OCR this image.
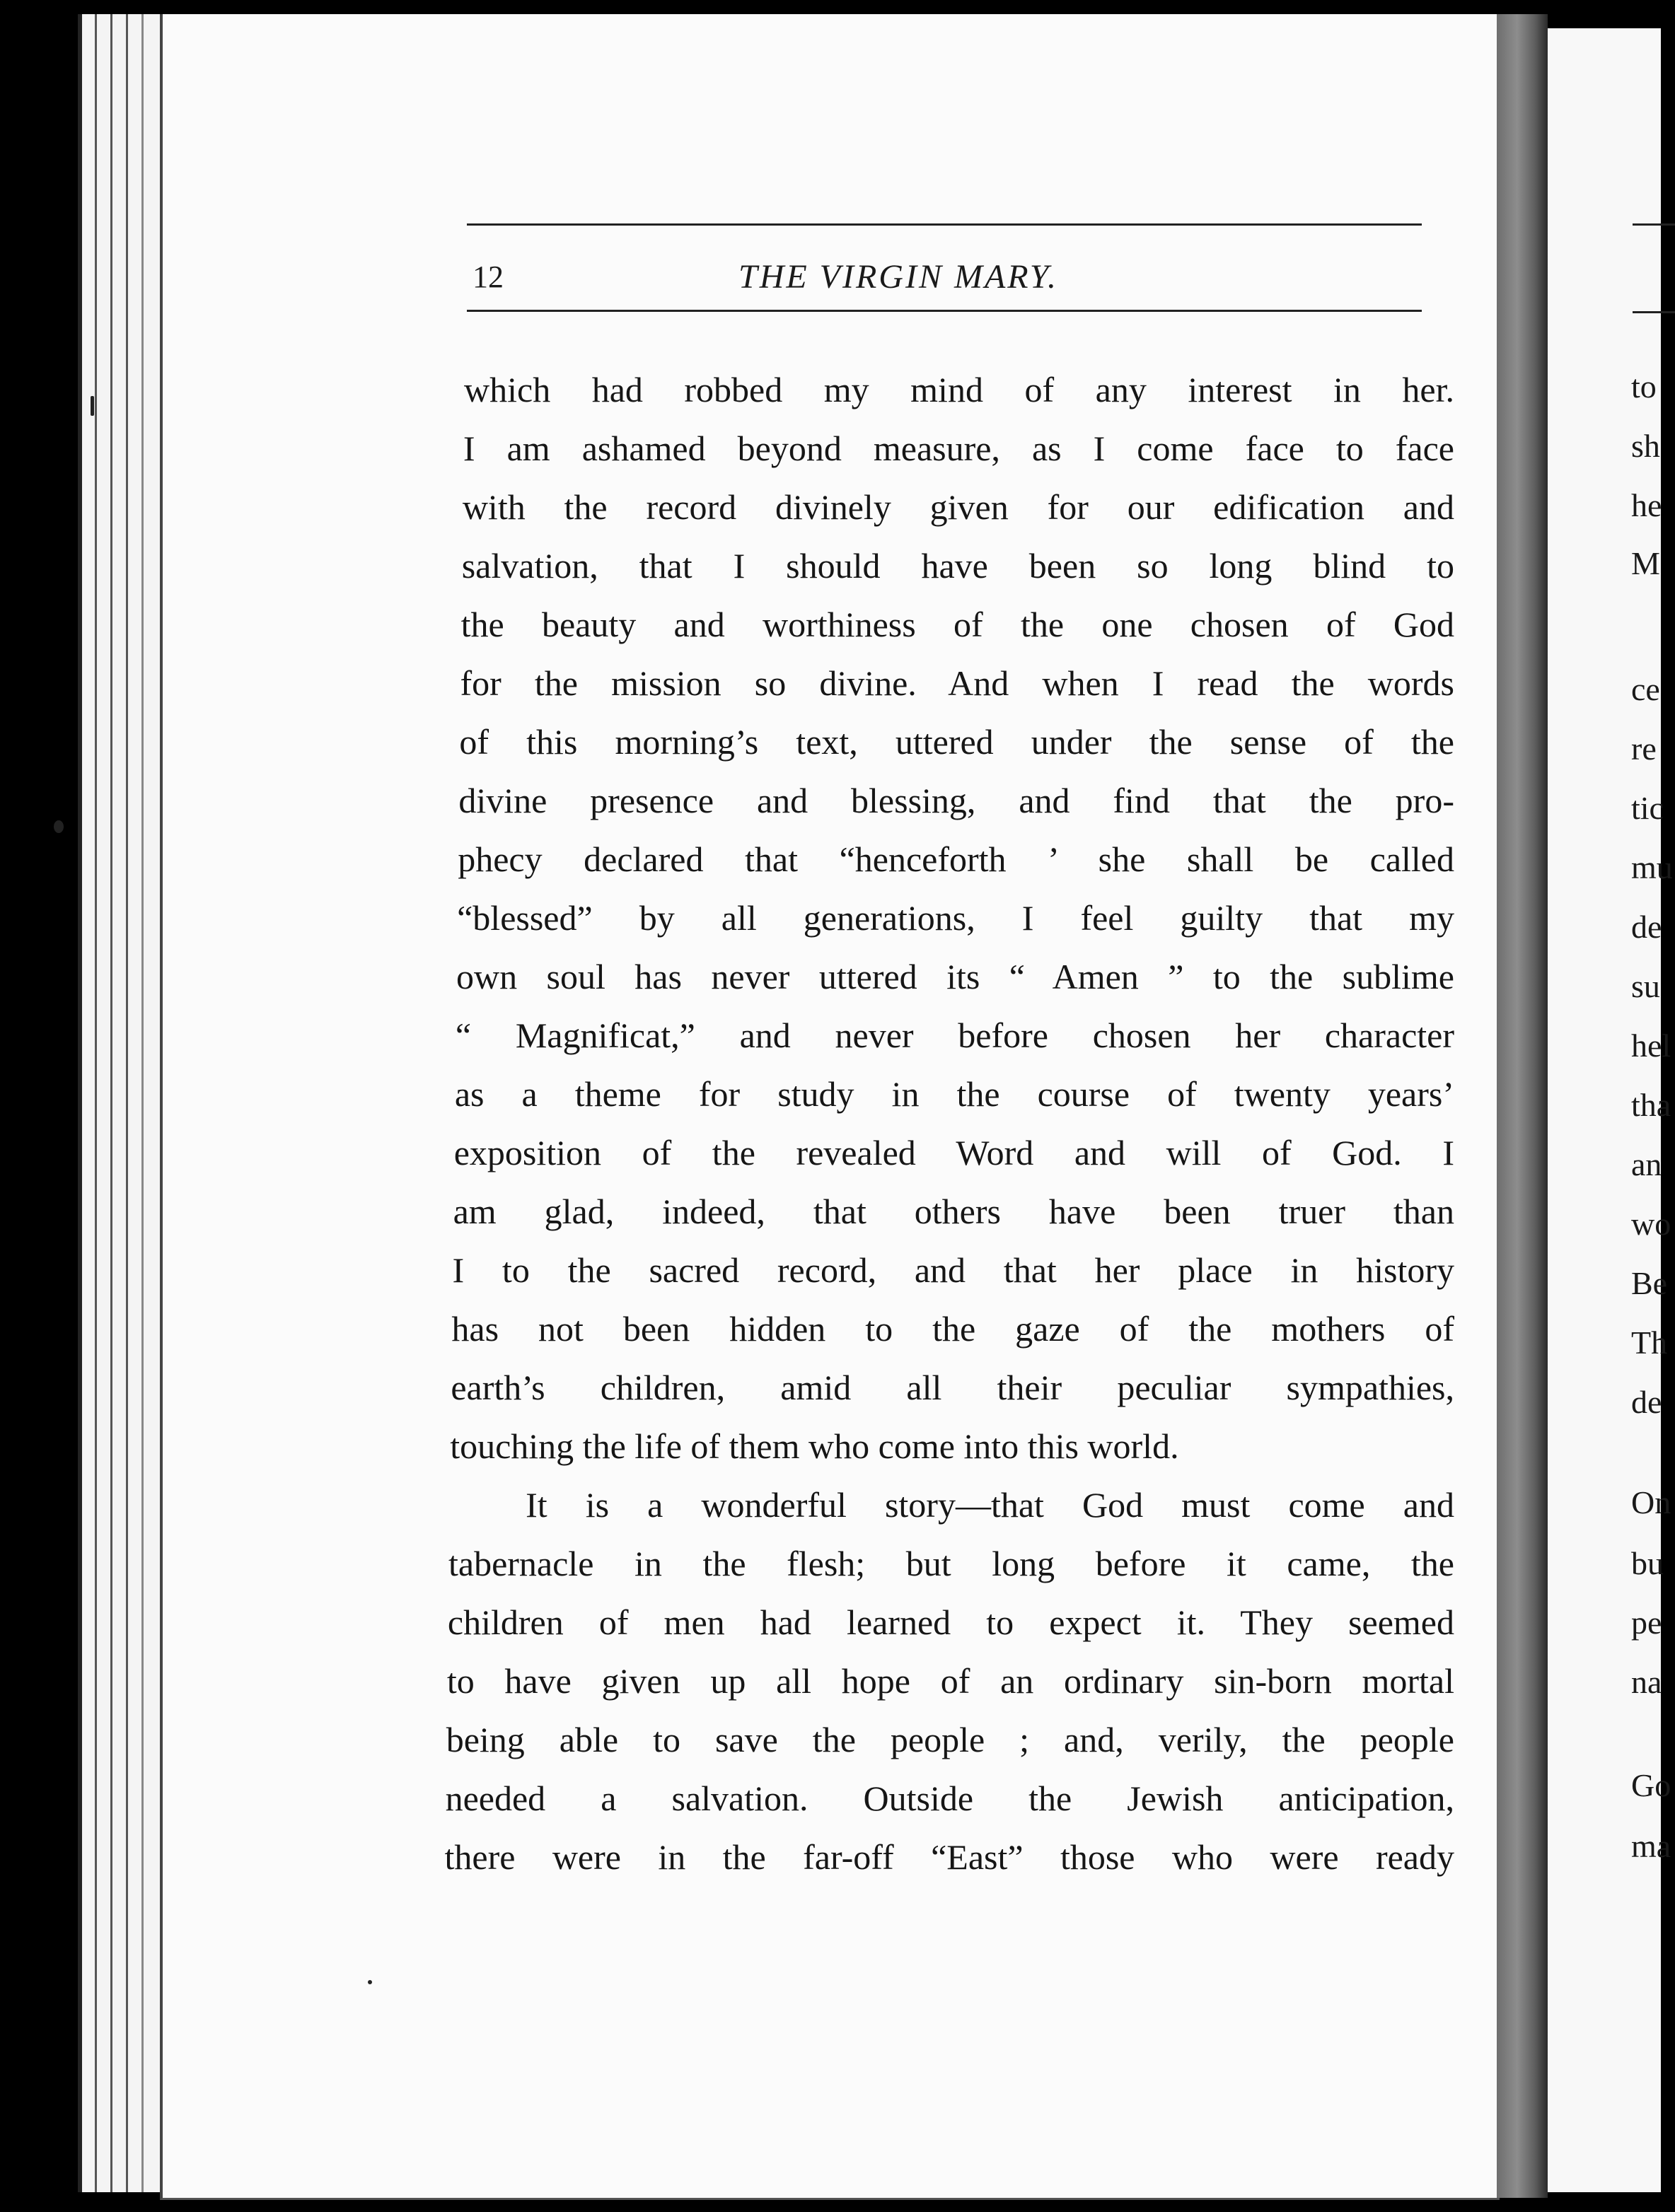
to
sh
he
M
ce
re
tic
mu
de
su
hel
tha
an
wo
Be
Th
de
On
bu
pe
na
Go
ma
12	THE VIRGIN MARY.
which had robbed my mind of any interest in her.
I am ashamed beyond measure, as I come face to face
with the record divinely given for our edification and
salvation, that I should have been so long blind to
the beauty and worthiness of the one chosen of God
for the mission so divine. And when I read the words
of this morning’s text, uttered under the sense of the
divine presence and blessing, and find that the pro-
phecy declared that “henceforth ’ she shall be called
“blessed” by all generations, I feel guilty that my
own soul has never uttered its “ Amen ” to the sublime
“ Magnificat,” and never before chosen her character
as a theme for study in the course of twenty years’
exposition of the revealed Word and will of God. I
am glad, indeed, that others have been truer than
I to the sacred record, and that her place in history
has not been hidden to the gaze of the mothers of
earth’s children, amid all their peculiar sympathies,
touching the life of them who come into this world.
It is a wonderful story—that God must come and
tabernacle in the flesh; but long before it came, the
children of men had learned to expect it. They seemed
to have given up all hope of an ordinary sin-born mortal
being able to save the people ; and, verily, the people
needed a salvation. Outside the Jewish anticipation,
there were in the far-off “East” those who were ready
